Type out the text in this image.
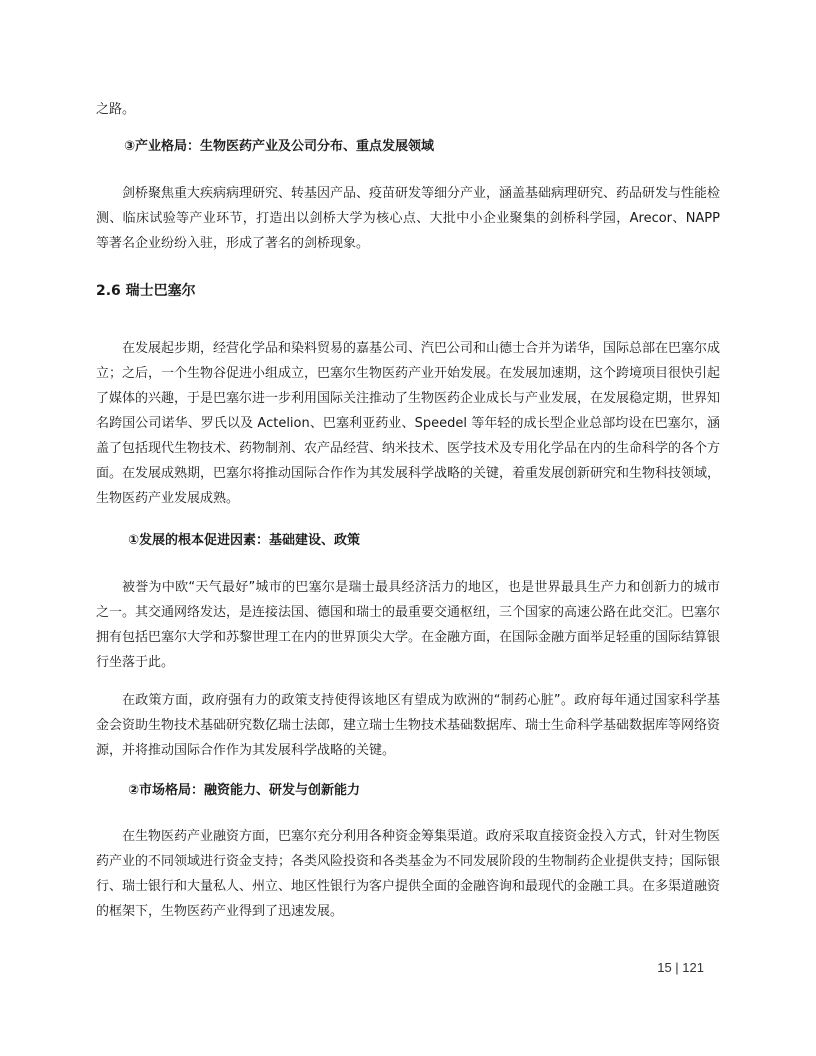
之路。
③产业格局：生物医药产业及公司分布、重点发展领域
剑桥聚焦重大疾病病理研究、转基因产品、疫苗研发等细分产业，涵盖基础病理研究、药品研发与性能检测、临床试验等产业环节，打造出以剑桥大学为核心点、大批中小企业聚集的剑桥科学园，Arecor、NAPP 等著名企业纷纷入驻，形成了著名的剑桥现象。
2.6 瑞士巴塞尔
在发展起步期，经营化学品和染料贸易的嘉基公司、汽巴公司和山德士合并为诺华，国际总部在巴塞尔成立；之后，一个生物谷促进小组成立，巴塞尔生物医药产业开始发展。在发展加速期，这个跨境项目很快引起了媒体的兴趣，于是巴塞尔进一步利用国际关注推动了生物医药企业成长与产业发展，在发展稳定期，世界知名跨国公司诺华、罗氏以及 Actelion、巴塞利亚药业、Speedel 等年轻的成长型企业总部均设在巴塞尔，涵盖了包括现代生物技术、药物制剂、农产品经营、纳米技术、医学技术及专用化学品在内的生命科学的各个方面。在发展成熟期，巴塞尔将推动国际合作作为其发展科学战略的关键，着重发展创新研究和生物科技领域，生物医药产业发展成熟。
①发展的根本促进因素：基础建设、政策
被誉为中欧“天气最好”城市的巴塞尔是瑞士最具经济活力的地区，也是世界最具生产力和创新力的城市之一。其交通网络发达，是连接法国、德国和瑞士的最重要交通枢纽，三个国家的高速公路在此交汇。巴塞尔拥有包括巴塞尔大学和苏黎世理工在内的世界顶尖大学。在金融方面，在国际金融方面举足轻重的国际结算银行坐落于此。
在政策方面，政府强有力的政策支持使得该地区有望成为欧洲的“制药心脏”。政府每年通过国家科学基金会资助生物技术基础研究数亿瑞士法郎，建立瑞士生物技术基础数据库、瑞士生命科学基础数据库等网络资源，并将推动国际合作作为其发展科学战略的关键。
②市场格局：融资能力、研发与创新能力
在生物医药产业融资方面，巴塞尔充分利用各种资金筹集渠道。政府采取直接资金投入方式，针对生物医药产业的不同领域进行资金支持；各类风险投资和各类基金为不同发展阶段的生物制药企业提供支持；国际银行、瑞士银行和大量私人、州立、地区性银行为客户提供全面的金融咨询和最现代的金融工具。在多渠道融资的框架下，生物医药产业得到了迅速发展。
15 | 121
